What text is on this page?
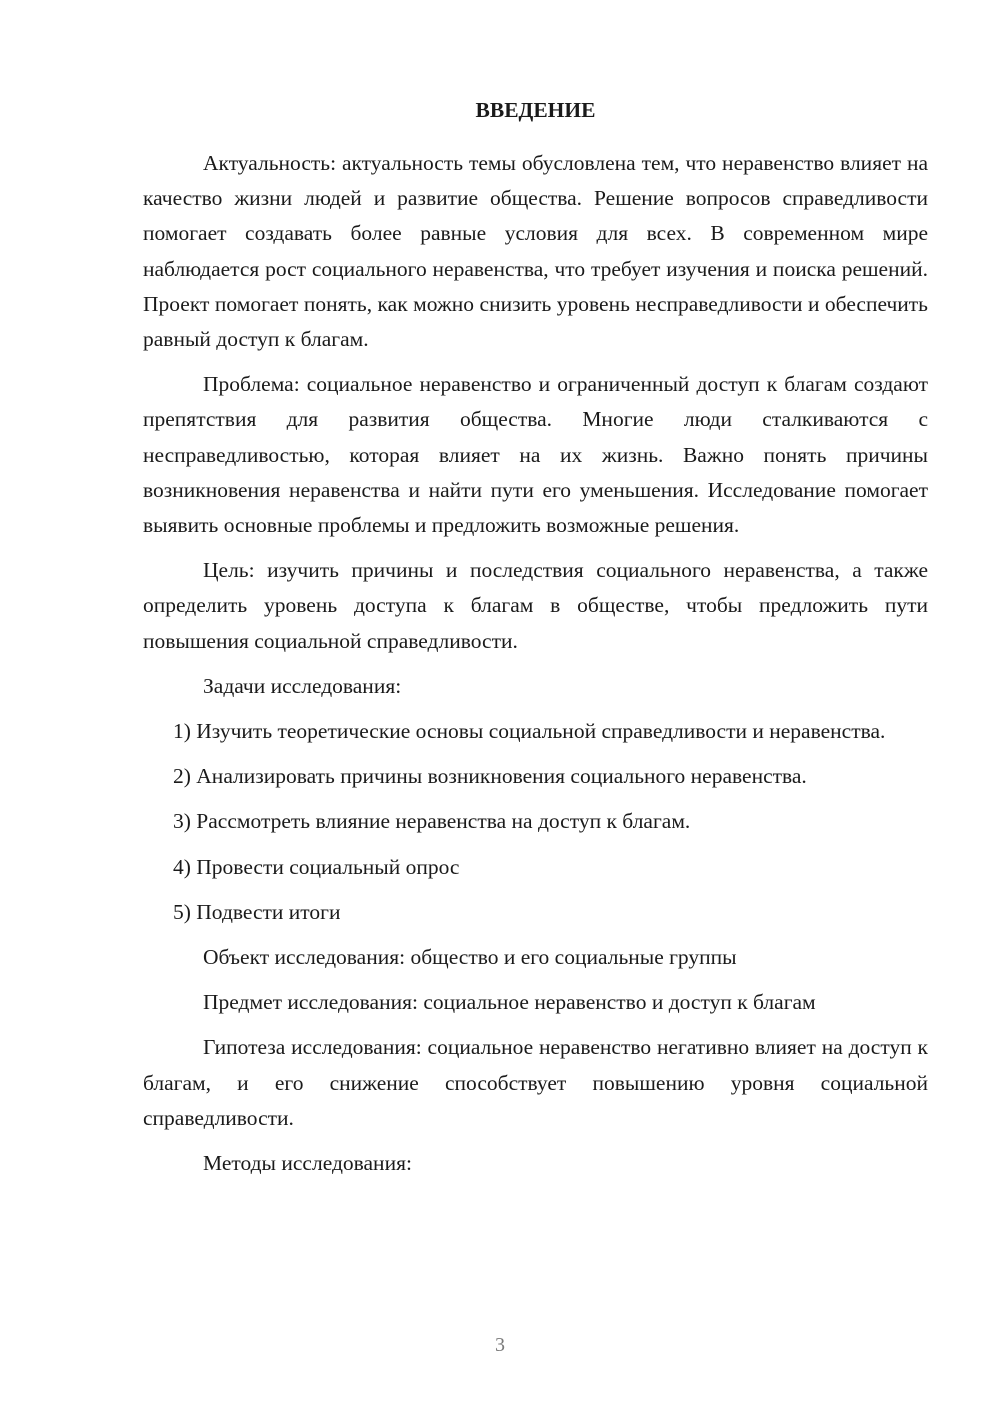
ВВЕДЕНИЕ

Актуальность: актуальность темы обусловлена тем, что неравенство влияет на качество жизни людей и развитие общества. Решение вопросов справедливости помогает создавать более равные условия для всех. В современном мире наблюдается рост социального неравенства, что требует изучения и поиска решений. Проект помогает понять, как можно снизить уровень несправедливости и обеспечить равный доступ к благам.

Проблема: социальное неравенство и ограниченный доступ к благам создают препятствия для развития общества. Многие люди сталкиваются с несправедливостью, которая влияет на их жизнь. Важно понять причины возникновения неравенства и найти пути его уменьшения. Исследование помогает выявить основные проблемы и предложить возможные решения.

Цель: изучить причины и последствия социального неравенства, а также определить уровень доступа к благам в обществе, чтобы предложить пути повышения социальной справедливости.

Задачи исследования:

1) Изучить теоретические основы социальной справедливости и неравенства.

2) Анализировать причины возникновения социального неравенства.

3) Рассмотреть влияние неравенства на доступ к благам.

4) Провести социальный опрос

5) Подвести итоги

Объект исследования: общество и его социальные группы

Предмет исследования: социальное неравенство и доступ к благам

Гипотеза исследования: социальное неравенство негативно влияет на доступ к благам, и его снижение способствует повышению уровня социальной справедливости.

Методы исследования:

3
